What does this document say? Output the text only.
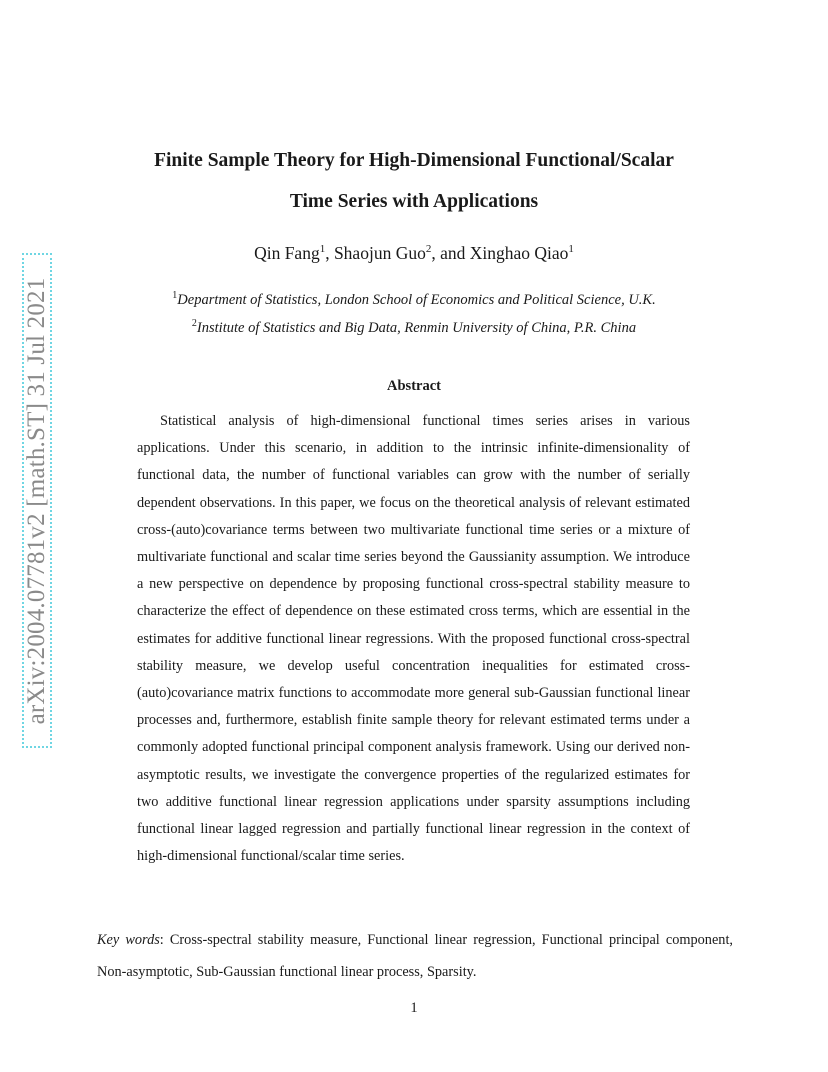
arXiv:2004.07781v2 [math.ST] 31 Jul 2021
Finite Sample Theory for High-Dimensional Functional/Scalar
Time Series with Applications
Qin Fang$^1$, Shaojun Guo$^2$, and Xinghao Qiao$^1$
$^1$Department of Statistics, London School of Economics and Political Science, U.K.
$^2$Institute of Statistics and Big Data, Renmin University of China, P.R. China
Abstract

Statistical analysis of high-dimensional functional times series arises in various applications. Under this scenario, in addition to the intrinsic infinite-dimensionality of functional data, the number of functional variables can grow with the number of serially dependent observations. In this paper, we focus on the theoretical analysis of relevant estimated cross-(auto)covariance terms between two multivariate functional time series or a mixture of multivariate functional and scalar time series beyond the Gaussianity assumption. We introduce a new perspective on dependence by proposing functional cross-spectral stability measure to characterize the effect of dependence on these estimated cross terms, which are essential in the estimates for additive functional linear regressions. With the proposed functional cross-spectral stability measure, we develop useful concentration inequalities for estimated cross-(auto)covariance matrix functions to accommodate more general sub-Gaussian functional linear processes and, furthermore, establish finite sample theory for relevant estimated terms under a commonly adopted functional principal component analysis framework. Using our derived non-asymptotic results, we investigate the convergence properties of the regularized estimates for two additive functional linear regression applications under sparsity assumptions including functional linear lagged regression and partially functional linear regression in the context of high-dimensional functional/scalar time series.

Key words: Cross-spectral stability measure, Functional linear regression, Functional principal component, Non-asymptotic, Sub-Gaussian functional linear process, Sparsity.

1
